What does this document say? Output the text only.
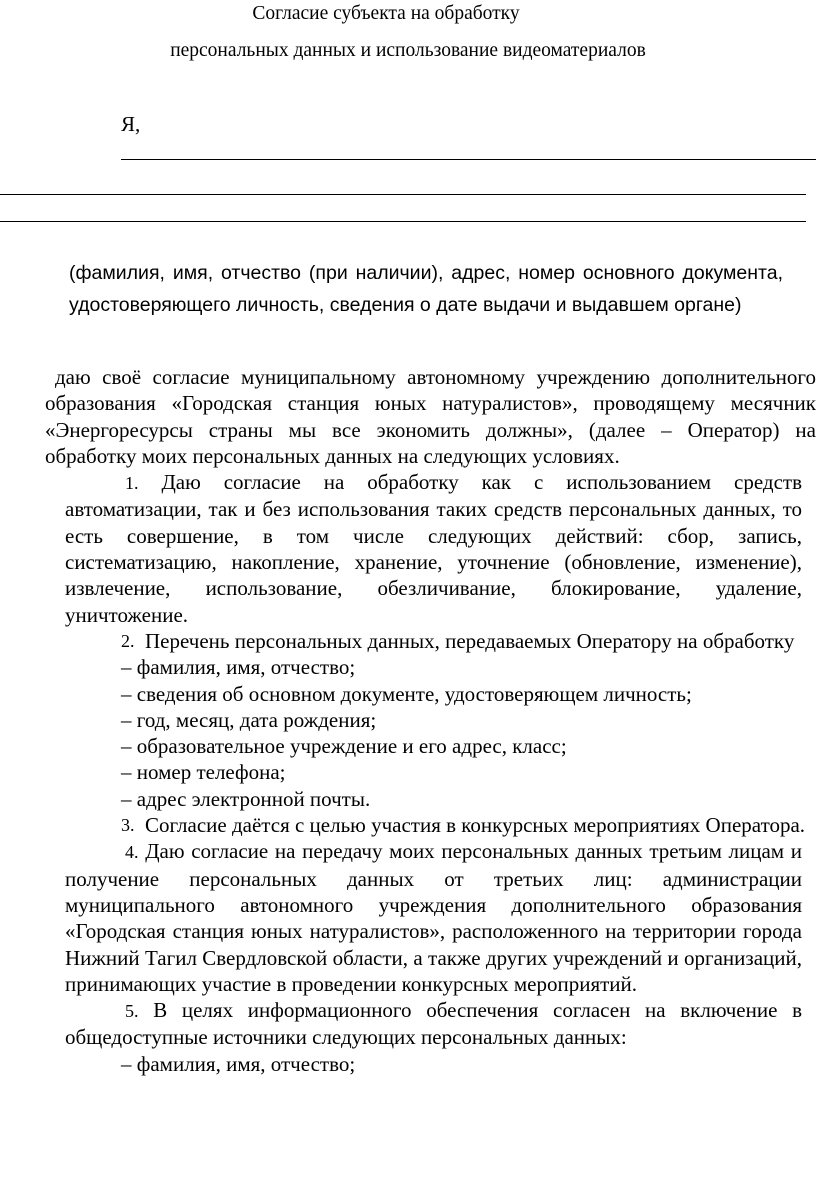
Согласие субъекта на обработку
персональных данных и использование видеоматериалов
Я,
(фамилия, имя, отчество (при наличии), адрес, номер основного документа, удостоверяющего личность, сведения о дате выдачи и выдавшем органе)

даю своё согласие муниципальному автономному учреждению дополнительного образования «Городская станция юных натуралистов», проводящему месячник «Энергоресурсы страны мы все экономить должны», (далее – Оператор) на обработку моих персональных данных на следующих условиях.

1. Даю согласие на обработку как с использованием средств автоматизации, так и без использования таких средств персональных данных, то есть совершение, в том числе следующих действий: сбор, запись, систематизацию, накопление, хранение, уточнение (обновление, изменение), извлечение, использование, обезличивание, блокирование, удаление, уничтожение.

2. Перечень персональных данных, передаваемых Оператору на обработку

– фамилия, имя, отчество;

– сведения об основном документе, удостоверяющем личность;

– год, месяц, дата рождения;

– образовательное учреждение и его адрес, класс;

– номер телефона;

– адрес электронной почты.

3. Согласие даётся с целью участия в конкурсных мероприятиях Оператора.

4. Даю согласие на передачу моих персональных данных третьим лицам и получение персональных данных от третьих лиц: администрации муниципального автономного учреждения дополнительного образования «Городская станция юных натуралистов», расположенного на территории города Нижний Тагил Свердловской области, а также других учреждений и организаций, принимающих участие в проведении конкурсных мероприятий.

5. В целях информационного обеспечения согласен на включение в общедоступные источники следующих персональных данных:

– фамилия, имя, отчество;
